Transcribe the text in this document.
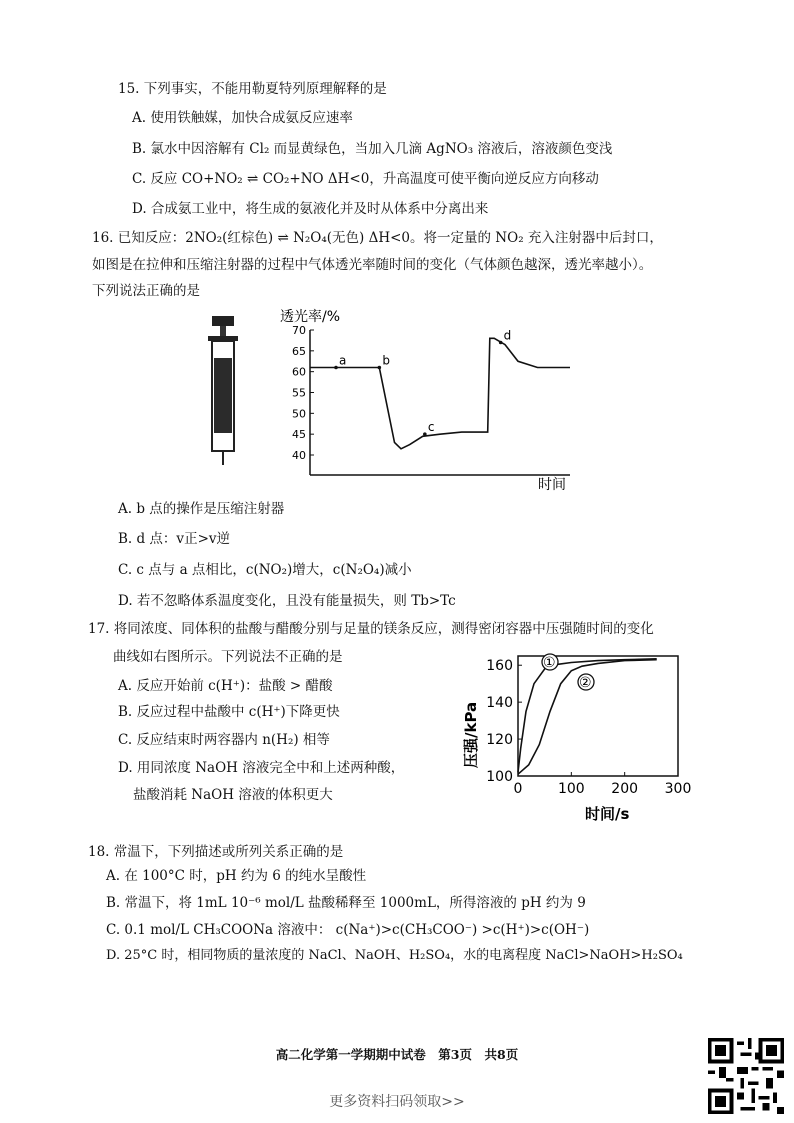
15. 下列事实，不能用勒夏特列原理解释的是
A. 使用铁触媒，加快合成氨反应速率
B. 氯水中因溶解有 Cl₂ 而显黄绿色，当加入几滴 AgNO₃ 溶液后，溶液颜色变浅
C. 反应 CO+NO₂ ⇌ CO₂+NO ΔH<0，升高温度可使平衡向逆反应方向移动
D. 合成氨工业中，将生成的氨液化并及时从体系中分离出来
16. 已知反应：2NO₂(红棕色) ⇌ N₂O₄(无色) ΔH<0。将一定量的 NO₂ 充入注射器中后封口，
如图是在拉伸和压缩注射器的过程中气体透光率随时间的变化（气体颜色越深，透光率越小）。
下列说法正确的是
透光率/%
40
45
50
55
60
65
70
a	b
c
d
时间
A. b 点的操作是压缩注射器
B. d 点：v正>v逆
C. c 点与 a 点相比，c(NO₂)增大，c(N₂O₄)减小
D. 若不忽略体系温度变化，且没有能量损失，则 Tb>Tc
17. 将同浓度、同体积的盐酸与醋酸分别与足量的镁条反应，测得密闭容器中压强随时间的变化
曲线如右图所示。下列说法不正确的是
A. 反应开始前 c(H⁺)：盐酸 > 醋酸
B. 反应过程中盐酸中 c(H⁺)下降更快
C. 反应结束时两容器内 n(H₂) 相等
D. 用同浓度 NaOH 溶液完全中和上述两种酸，
盐酸消耗 NaOH 溶液的体积更大
压强/kPa
100
120
140
160
0	100 200 300
①
②
时间/s
18. 常温下，下列描述或所列关系正确的是
A. 在 100°C 时，pH 约为 6 的纯水呈酸性
B. 常温下，将 1mL 10⁻⁶ mol/L 盐酸稀释至 1000mL，所得溶液的 pH 约为 9
C. 0.1 mol/L CH₃COONa 溶液中： c(Na⁺)>c(CH₃COO⁻) >c(H⁺)>c(OH⁻)
D. 25°C 时，相同物质的量浓度的 NaCl、NaOH、H₂SO₄，水的电离程度 NaCl>NaOH>H₂SO₄
高二化学第一学期期中试卷　第3页　共8页
更多资料扫码领取>>
